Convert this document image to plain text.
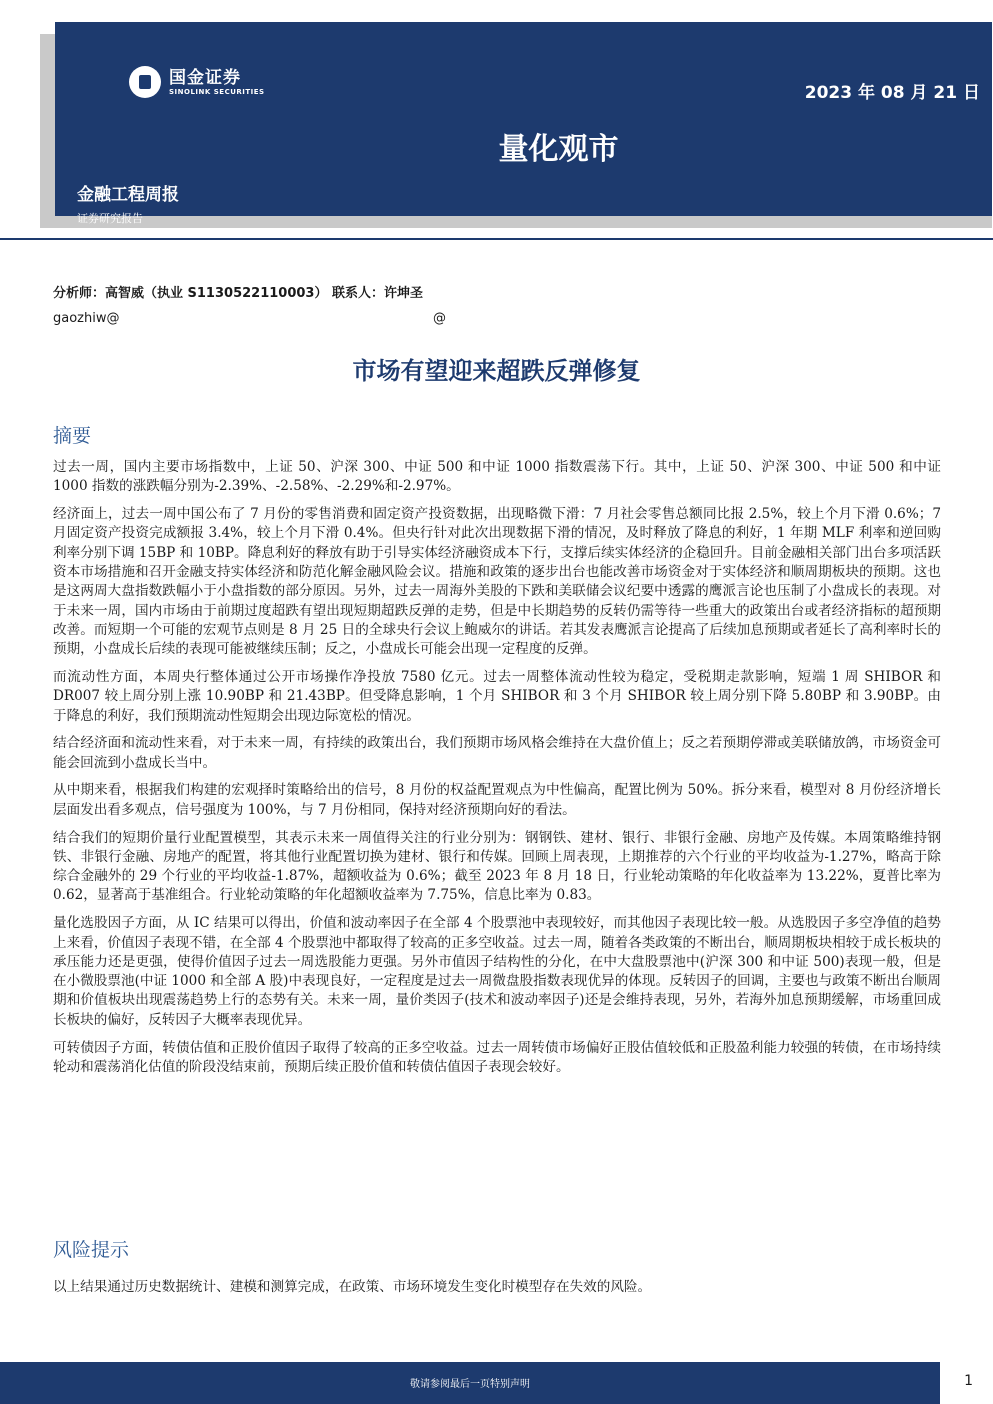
国金证券
SINOLINK SECURITIES	2023 年 08 月 21 日
量化观市
金融工程周报
证券研究报告
分析师：高智威（执业 S1130522110003） 联系人：许坤圣
gaozhiw@	@
市场有望迎来超跌反弹修复
摘要

过去一周，国内主要市场指数中，上证 50、沪深 300、中证 500 和中证 1000 指数震荡下行。其中，上证 50、沪深 300、中证 500 和中证 1000 指数的涨跌幅分别为-2.39%、-2.58%、-2.29%和-2.97%。

经济面上，过去一周中国公布了 7 月份的零售消费和固定资产投资数据，出现略微下滑：7 月社会零售总额同比报 2.5%，较上个月下滑 0.6%；7 月固定资产投资完成额报 3.4%，较上个月下滑 0.4%。但央行针对此次出现数据下滑的情况，及时释放了降息的利好，1 年期 MLF 利率和逆回购利率分别下调 15BP 和 10BP。降息利好的释放有助于引导实体经济融资成本下行，支撑后续实体经济的企稳回升。目前金融相关部门出台多项活跃资本市场措施和召开金融支持实体经济和防范化解金融风险会议。措施和政策的逐步出台也能改善市场资金对于实体经济和顺周期板块的预期。这也是这两周大盘指数跌幅小于小盘指数的部分原因。另外，过去一周海外美股的下跌和美联储会议纪要中透露的鹰派言论也压制了小盘成长的表现。对于未来一周，国内市场由于前期过度超跌有望出现短期超跌反弹的走势，但是中长期趋势的反转仍需等待一些重大的政策出台或者经济指标的超预期改善。而短期一个可能的宏观节点则是 8 月 25 日的全球央行会议上鲍威尔的讲话。若其发表鹰派言论提高了后续加息预期或者延长了高利率时长的预期，小盘成长后续的表现可能被继续压制；反之，小盘成长可能会出现一定程度的反弹。

而流动性方面，本周央行整体通过公开市场操作净投放 7580 亿元。过去一周整体流动性较为稳定，受税期走款影响，短端 1 周 SHIBOR 和 DR007 较上周分别上涨 10.90BP 和 21.43BP。但受降息影响，1 个月 SHIBOR 和 3 个月 SHIBOR 较上周分别下降 5.80BP 和 3.90BP。由于降息的利好，我们预期流动性短期会出现边际宽松的情况。

结合经济面和流动性来看，对于未来一周，有持续的政策出台，我们预期市场风格会维持在大盘价值上；反之若预期停滞或美联储放鸽，市场资金可能会回流到小盘成长当中。

从中期来看，根据我们构建的宏观择时策略给出的信号，8 月份的权益配置观点为中性偏高，配置比例为 50%。拆分来看，模型对 8 月份经济增长层面发出看多观点，信号强度为 100%，与 7 月份相同，保持对经济预期向好的看法。

结合我们的短期价量行业配置模型，其表示未来一周值得关注的行业分别为：钢钢铁、建材、银行、非银行金融、房地产及传媒。本周策略维持钢铁、非银行金融、房地产的配置，将其他行业配置切换为建材、银行和传媒。回顾上周表现，上期推荐的六个行业的平均收益为-1.27%，略高于除综合金融外的 29 个行业的平均收益-1.87%，超额收益为 0.6%；截至 2023 年 8 月 18 日，行业轮动策略的年化收益率为 13.22%，夏普比率为 0.62，显著高于基准组合。行业轮动策略的年化超额收益率为 7.75%，信息比率为 0.83。

量化选股因子方面，从 IC 结果可以得出，价值和波动率因子在全部 4 个股票池中表现较好，而其他因子表现比较一般。从选股因子多空净值的趋势上来看，价值因子表现不错，在全部 4 个股票池中都取得了较高的正多空收益。过去一周，随着各类政策的不断出台，顺周期板块相较于成长板块的承压能力还是更强，使得价值因子过去一周选股能力更强。另外市值因子结构性的分化，在中大盘股票池中(沪深 300 和中证 500)表现一般，但是在小微股票池(中证 1000 和全部 A 股)中表现良好，一定程度是过去一周微盘股指数表现优异的体现。反转因子的回调，主要也与政策不断出台顺周期和价值板块出现震荡趋势上行的态势有关。未来一周，量价类因子(技术和波动率因子)还是会维持表现，另外，若海外加息预期缓解，市场重回成长板块的偏好，反转因子大概率表现优异。

可转债因子方面，转债估值和正股价值因子取得了较高的正多空收益。过去一周转债市场偏好正股估值较低和正股盈利能力较强的转债，在市场持续轮动和震荡消化估值的阶段没结束前，预期后续正股价值和转债估值因子表现会较好。

风险提示
以上结果通过历史数据统计、建模和测算完成，在政策、市场环境发生变化时模型存在失效的风险。
敬请参阅最后一页特别声明	1
